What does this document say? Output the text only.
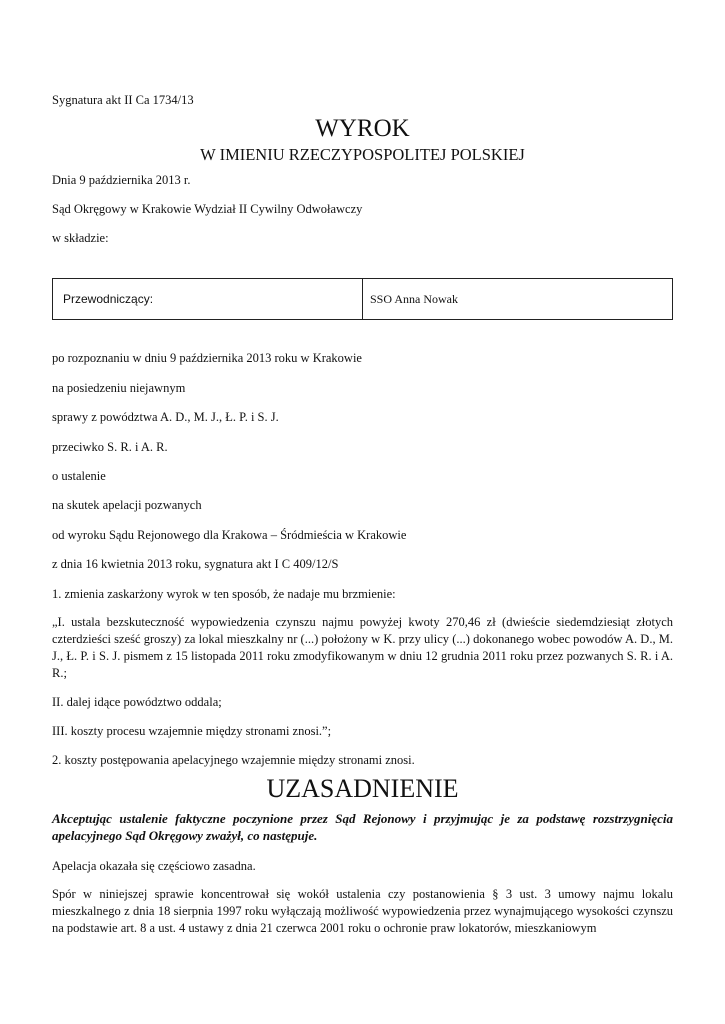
Sygnatura akt II Ca 1734/13
WYROK
W IMIENIU RZECZYPOSPOLITEJ POLSKIEJ
Dnia 9 października 2013 r.
Sąd Okręgowy w Krakowie Wydział II Cywilny Odwoławczy
w składzie:
Przewodniczący:	SSO Anna Nowak
po rozpoznaniu w dniu 9 października 2013 roku w Krakowie
na posiedzeniu niejawnym
sprawy z powództwa A. D., M. J., Ł. P. i S. J.
przeciwko S. R. i A. R.
o ustalenie
na skutek apelacji pozwanych
od wyroku Sądu Rejonowego dla Krakowa – Śródmieścia w Krakowie
z dnia 16 kwietnia 2013 roku, sygnatura akt I C 409/12/S
1. zmienia zaskarżony wyrok w ten sposób, że nadaje mu brzmienie:
„I. ustala bezskuteczność wypowiedzenia czynszu najmu powyżej kwoty 270,46 zł (dwieście siedemdziesiąt złotych czterdzieści sześć groszy) za lokal mieszkalny nr (...) położony w K. przy ulicy (...) dokonanego wobec powodów A. D., M. J., Ł. P. i S. J. pismem z 15 listopada 2011 roku zmodyfikowanym w dniu 12 grudnia 2011 roku przez pozwanych S. R. i A. R.;
II. dalej idące powództwo oddala;
III. koszty procesu wzajemnie między stronami znosi.”;
2. koszty postępowania apelacyjnego wzajemnie między stronami znosi.
UZASADNIENIE
Akceptując ustalenie faktyczne poczynione przez Sąd Rejonowy i przyjmując je za podstawę rozstrzygnięcia apelacyjnego Sąd Okręgowy zważył, co następuje.
Apelacja okazała się częściowo zasadna.
Spór w niniejszej sprawie koncentrował się wokół ustalenia czy postanowienia § 3 ust. 3 umowy najmu lokalu mieszkalnego z dnia 18 sierpnia 1997 roku wyłączają możliwość wypowiedzenia przez wynajmującego wysokości czynszu na podstawie art. 8 a ust. 4 ustawy z dnia 21 czerwca 2001 roku o ochronie praw lokatorów, mieszkaniowym
